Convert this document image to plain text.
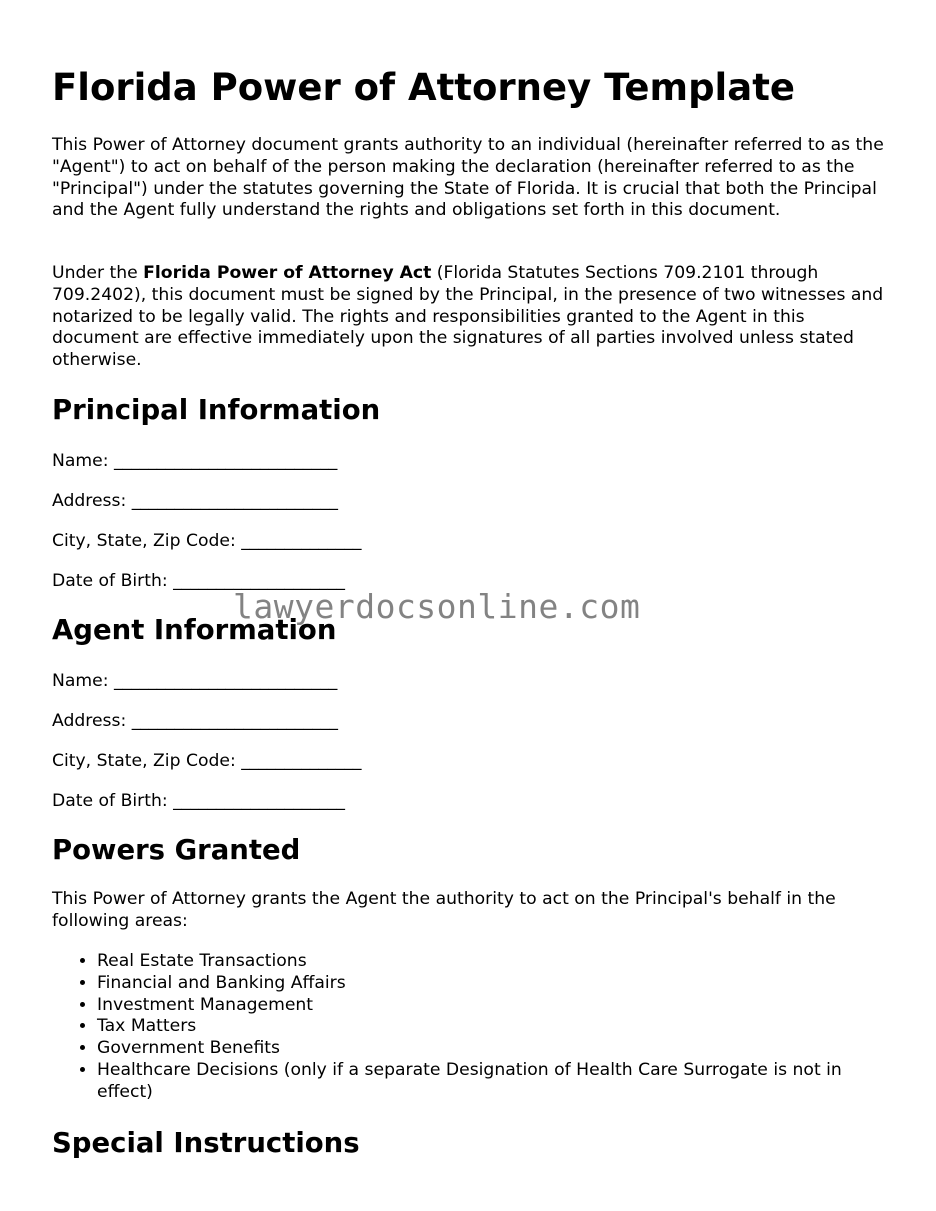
Florida Power of Attorney Template

This Power of Attorney document grants authority to an individual (hereinafter referred to as the "Agent") to act on behalf of the person making the declaration (hereinafter referred to as the "Principal") under the statutes governing the State of Florida. It is crucial that both the Principal and the Agent fully understand the rights and obligations set forth in this document.

Under the Florida Power of Attorney Act (Florida Statutes Sections 709.2101 through 709.2402), this document must be signed by the Principal, in the presence of two witnesses and notarized to be legally valid. The rights and responsibilities granted to the Agent in this document are effective immediately upon the signatures of all parties involved unless stated otherwise.

Principal Information

Name: __________________________

Address: ________________________

City, State, Zip Code: ______________

Date of Birth: ____________________

Agent Information

Name: __________________________

Address: ________________________

City, State, Zip Code: ______________

Date of Birth: ____________________

Powers Granted

This Power of Attorney grants the Agent the authority to act on the Principal's behalf in the following areas:

• Real Estate Transactions
• Financial and Banking Affairs
• Investment Management
• Tax Matters
• Government Benefits
• Healthcare Decisions (only if a separate Designation of Health Care Surrogate is not in effect)
Special Instructions
lawyerdocsonline.com
